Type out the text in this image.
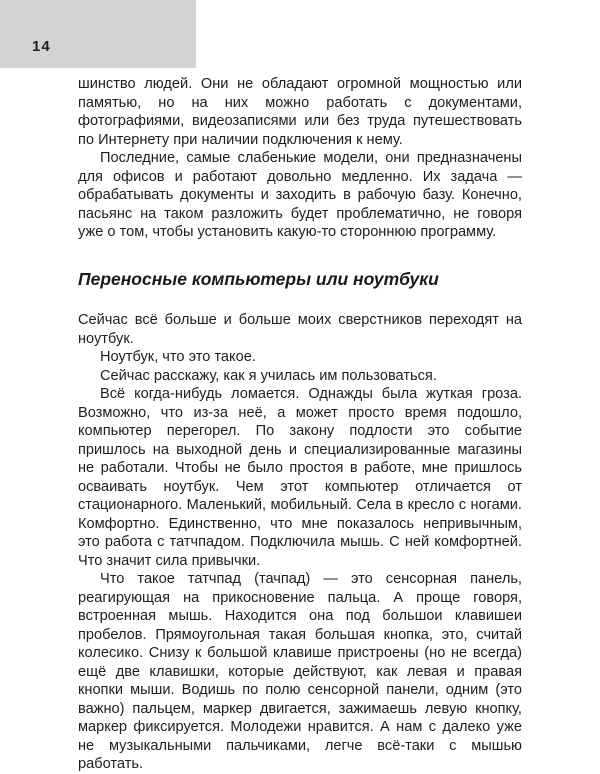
14

шинство людей. Они не обладают огромной мощностью или памятью, но на них можно работать с документами, фотографиями, видеозаписями или без труда путешествовать по Интернету при наличии подключения к нему.

Последние, самые слабенькие модели, они предназначены для офисов и работают довольно медленно. Их задача — обрабатывать документы и заходить в рабочую базу. Конечно, пасьянс на таком разложить будет проблематично, не говоря уже о том, чтобы установить какую-то стороннюю программу.

Переносные компьютеры или ноутбуки

Сейчас всё больше и больше моих сверстников переходят на ноутбук.

Ноутбук, что это такое.

Сейчас расскажу, как я училась им пользоваться.

Всё когда-нибудь ломается. Однажды была жуткая гроза. Возможно, что из-за неё, а может просто время подошло, компьютер перегорел. По закону подлости это событие пришлось на выходной день и специализированные магазины не работали. Чтобы не было простоя в работе, мне пришлось осваивать ноутбук. Чем этот компьютер отличается от стационарного. Маленький, мобильный. Села в кресло с ногами. Комфортно. Единственно, что мне показалось непривычным, это работа с татчпадом. Подключила мышь. С ней комфортней. Что значит сила привычки.

Что такое татчпад (тачпад) — это сенсорная панель, реагирующая на прикосновение пальца. А проще говоря, встроенная мышь. Находится она под большои клавишеи пробелов. Прямоугольная такая большая кнопка, это, считай колесико. Снизу к большой клавише пристроены (но не всегда) ещё две клавишки, которые действуют, как левая и правая кнопки мыши. Водишь по полю сенсорной панели, одним (это важно) пальцем, маркер двигается, зажимаешь левую кнопку, маркер фиксируется. Молодежи нравится. А нам с далеко уже не музыкальными пальчиками, легче всё-таки с мышью работать.
